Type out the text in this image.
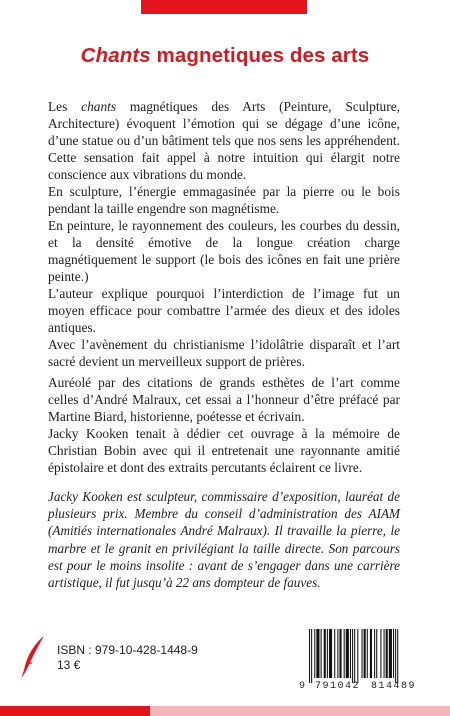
Chants magnetiques des arts

Les chants magnétiques des Arts (Peinture, Sculpture, Architecture) évoquent l’émotion qui se dégage d’une icône, d’une statue ou d’un bâtiment tels que nos sens les appréhendent. Cette sensation fait appel à notre intuition qui élargit notre conscience aux vibrations du monde.

En sculpture, l’énergie emmagasinée par la pierre ou le bois pendant la taille engendre son magnétisme.

En peinture, le rayonnement des couleurs, les courbes du dessin, et la densité émotive de la longue création charge magnétiquement le support (le bois des icônes en fait une prière peinte.)

L’auteur explique pourquoi l’interdiction de l’image fut un moyen efficace pour combattre l’armée des dieux et des idoles antiques.

Avec l’avènement du christianisme l’idolâtrie disparaît et l’art sacré devient un merveilleux support de prières.

Auréolé par des citations de grands esthètes de l’art comme celles d’André Malraux, cet essai a l’honneur d’être préfacé par Martine Biard, historienne, poétesse et écrivain.

Jacky Kooken tenait à dédier cet ouvrage à la mémoire de Christian Bobin avec qui il entretenait une rayonnante amitié épistolaire et dont des extraits percutants éclairent ce livre.

Jacky Kooken est sculpteur, commissaire d’exposition, lauréat de plusieurs prix. Membre du conseil d’administration des AIAM (Amitiés internationales André Malraux). Il travaille la pierre, le marbre et le granit en privilégiant la taille directe. Son parcours est pour le moins insolite : avant de s’engager dans une carrière artistique, il fut jusqu’à 22 ans dompteur de fauves.
ISBN : 979-10-428-1448-9
13 €
9 791042 814489
